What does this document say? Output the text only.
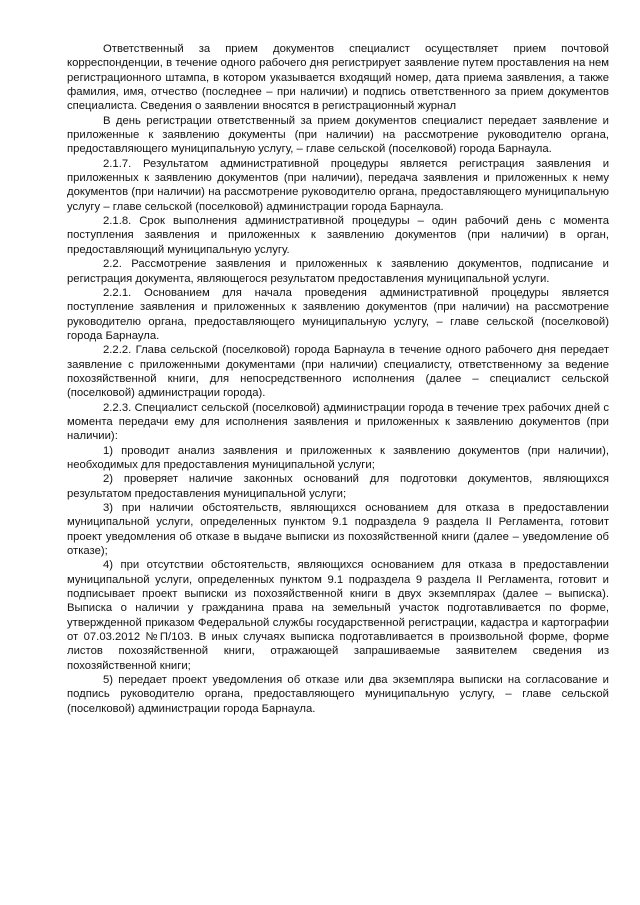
Ответственный за прием документов специалист осуществляет прием почтовой корреспонденции, в течение одного рабочего дня регистрирует заявление путем проставления на нем регистрационного штампа, в котором указывается входящий номер, дата приема заявления, а также фамилия, имя, отчество (последнее – при наличии) и подпись ответственного за прием документов специалиста. Сведения о заявлении вносятся в регистрационный журнал

В день регистрации ответственный за прием документов специалист передает заявление и приложенные к заявлению документы (при наличии) на рассмотрение руководителю органа, предоставляющего муниципальную услугу, – главе сельской (поселковой) города Барнаула.

2.1.7. Результатом административной процедуры является регистрация заявления и приложенных к заявлению документов (при наличии), передача заявления и приложенных к нему документов (при наличии) на рассмотрение руководителю органа, предоставляющего муниципальную услугу – главе сельской (поселковой) администрации города Барнаула.

2.1.8. Срок выполнения административной процедуры – один рабочий день с момента поступления заявления и приложенных к заявлению документов (при наличии) в орган, предоставляющий муниципальную услугу.

2.2. Рассмотрение заявления и приложенных к заявлению документов, подписание и регистрация документа, являющегося результатом предоставления муниципальной услуги.

2.2.1. Основанием для начала проведения административной процедуры является поступление заявления и приложенных к заявлению документов (при наличии) на рассмотрение руководителю органа, предоставляющего муниципальную услугу, – главе сельской (поселковой) города Барнаула.

2.2.2. Глава сельской (поселковой) города Барнаула в течение одного рабочего дня передает заявление с приложенными документами (при наличии) специалисту, ответственному за ведение похозяйственной книги, для непосредственного исполнения (далее – специалист сельской (поселковой) администрации города).

2.2.3. Специалист сельской (поселковой) администрации города в течение трех рабочих дней с момента передачи ему для исполнения заявления и приложенных к заявлению документов (при наличии):

1) проводит анализ заявления и приложенных к заявлению документов (при наличии), необходимых для предоставления муниципальной услуги;

2) проверяет наличие законных оснований для подготовки документов, являющихся результатом предоставления муниципальной услуги;

3) при наличии обстоятельств, являющихся основанием для отказа в предоставлении муниципальной услуги, определенных пунктом 9.1 подраздела 9 раздела II Регламента, готовит проект уведомления об отказе в выдаче выписки из похозяйственной книги (далее – уведомление об отказе);

4) при отсутствии обстоятельств, являющихся основанием для отказа в предоставлении муниципальной услуги, определенных пунктом 9.1 подраздела 9 раздела II Регламента, готовит и подписывает проект выписки из похозяйственной книги в двух экземплярах (далее – выписка). Выписка о наличии у гражданина права на земельный участок подготавливается по форме, утвержденной приказом Федеральной службы государственной регистрации, кадастра и картографии от 07.03.2012 №П/103. В иных случаях выписка подготавливается в произвольной форме, форме листов похозяйственной книги, отражающей запрашиваемые заявителем сведения из похозяйственной книги;

5) передает проект уведомления об отказе или два экземпляра выписки на согласование и подпись руководителю органа, предоставляющего муниципальную услугу, – главе сельской (поселковой) администрации города Барнаула.
